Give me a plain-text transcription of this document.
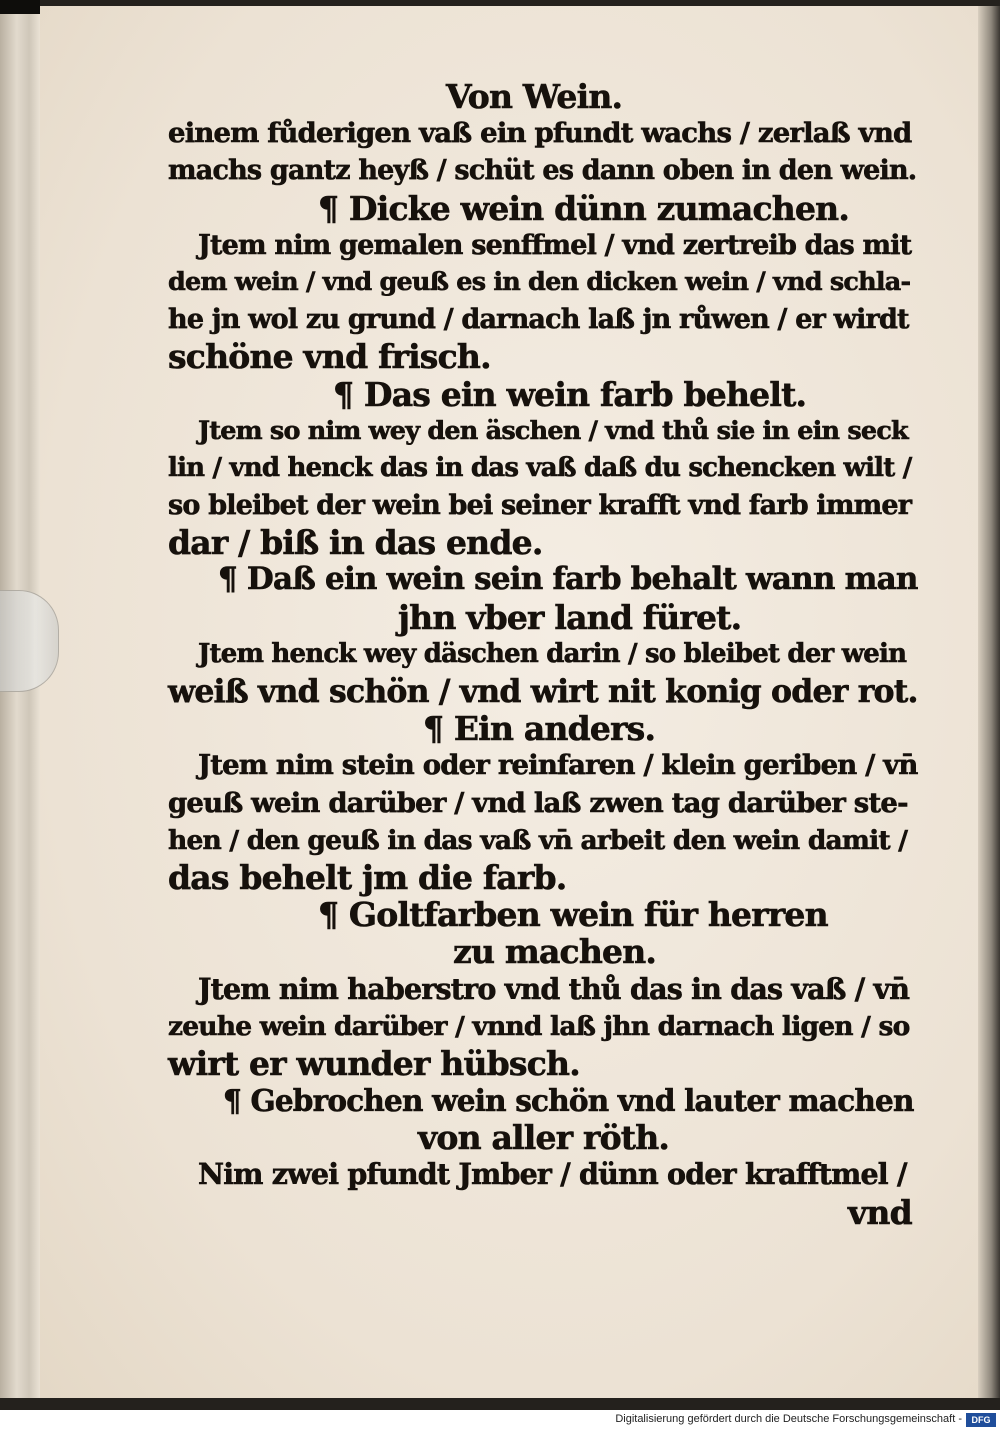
Von Wein.
einem fůderigen vaß ein pfundt wachs / zerlaß vnd
machs gantz heyß / schüt es dann oben in den wein.
¶ Dicke wein dünn zumachen.
Jtem nim gemalen senffmel / vnd zertreib das mit
dem wein / vnd geuß es in den dicken wein / vnd schla-
he jn wol zu grund / darnach laß jn růwen / er wirdt
schöne vnd frisch.
¶ Das ein wein farb behelt.
Jtem so nim wey den äschen / vnd thů sie in ein seck
lin / vnd henck das in das vaß daß du schencken wilt /
so bleibet der wein bei seiner krafft vnd farb immer
dar / biß in das ende.
¶ Daß ein wein sein farb behalt wann man
jhn vber land füret.
Jtem henck wey däschen darin / so bleibet der wein
weiß vnd schön / vnd wirt nit konig oder rot.
¶ Ein anders.
Jtem nim stein oder reinfaren / klein geriben / vn̄
geuß wein darüber / vnd laß zwen tag darüber ste-
hen / den geuß in das vaß vn̄ arbeit den wein damit /
das behelt jm die farb.
¶ Goltfarben wein für herren
zu machen.
Jtem nim haberstro vnd thů das in das vaß / vn̄
zeuhe wein darüber / vnnd laß jhn darnach ligen / so
wirt er wunder hübsch.
¶ Gebrochen wein schön vnd lauter machen
von aller röth.
Nim zwei pfundt Jmber / dünn oder krafftmel /
vnd
Digitalisierung gefördert durch die Deutsche Forschungsgemeinschaft -	DFG
